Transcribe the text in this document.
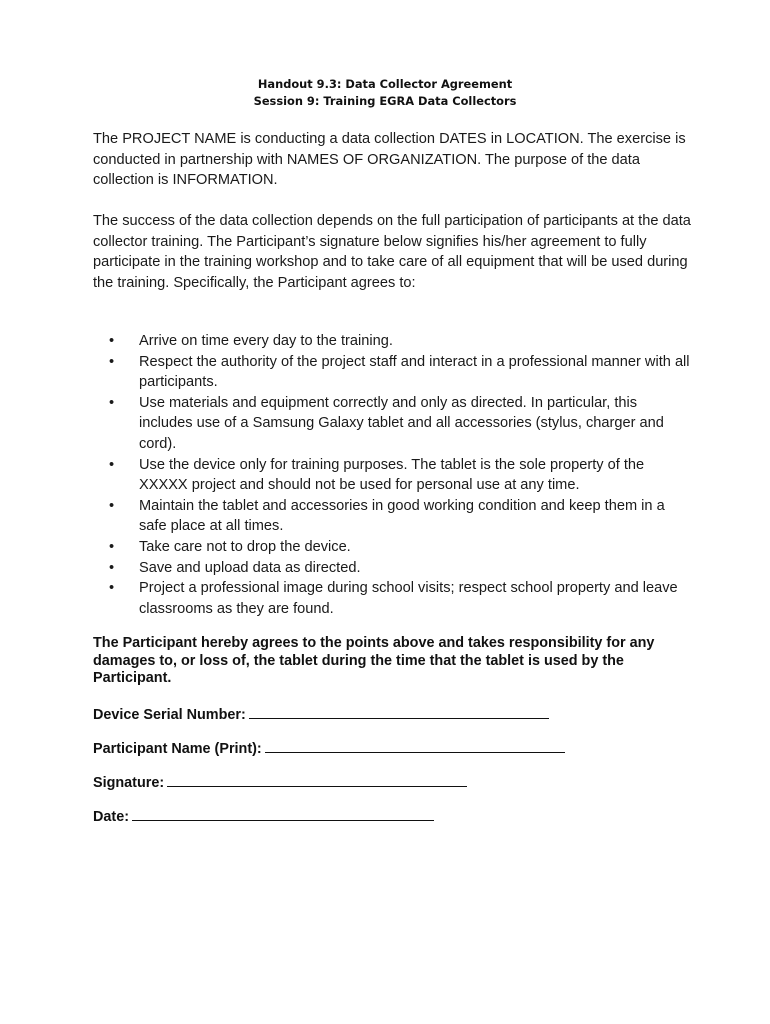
Handout 9.3: Data Collector Agreement
Session 9: Training EGRA Data Collectors
The PROJECT NAME is conducting a data collection DATES in LOCATION. The exercise is conducted in partnership with NAMES OF ORGANIZATION. The purpose of the data collection is INFORMATION.
The success of the data collection depends on the full participation of participants at the data collector training. The Participant’s signature below signifies his/her agreement to fully participate in the training workshop and to take care of all equipment that will be used during the training. Specifically, the Participant agrees to:
• Arrive on time every day to the training.
• Respect the authority of the project staff and interact in a professional manner with all participants.
• Use materials and equipment correctly and only as directed. In particular, this includes use of a Samsung Galaxy tablet and all accessories (stylus, charger and cord).
• Use the device only for training purposes. The tablet is the sole property of the XXXXX project and should not be used for personal use at any time.
• Maintain the tablet and accessories in good working condition and keep them in a safe place at all times.
• Take care not to drop the device.
• Save and upload data as directed.
• Project a professional image during school visits; respect school property and leave classrooms as they are found.
The Participant hereby agrees to the points above and takes responsibility for any damages to, or loss of, the tablet during the time that the tablet is used by the Participant.
Device Serial Number:
Participant Name (Print):
Signature:
Date:
